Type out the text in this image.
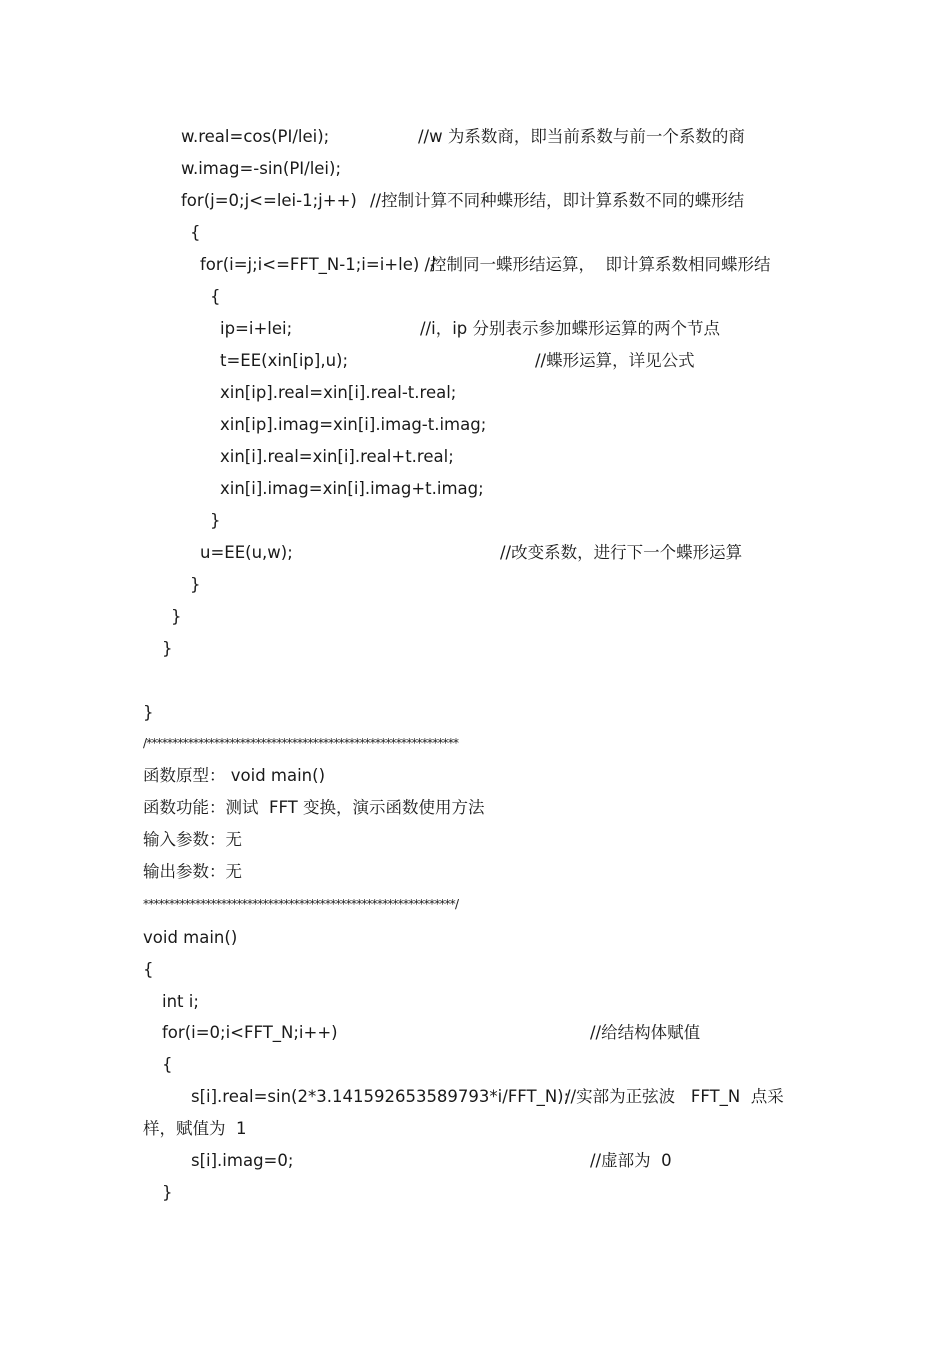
w.real=cos(PI/lei);	//w 为系数商，即当前系数与前一个系数的商
w.imag=-sin(PI/lei);
for(j=0;j<=lei-1;j++) //控制计算不同种蝶形结，即计算系数不同的蝶形结
{
for(i=j;i<=FFT_N-1;i=i+le) //
控制同一蝶形结运算，  即计算系数相同蝶形结
{
ip=i+lei;	//i，ip 分别表示参加蝶形运算的两个节点
t=EE(xin[ip],u);	//蝶形运算，详见公式
xin[ip].real=xin[i].real-t.real;
xin[ip].imag=xin[i].imag-t.imag;
xin[i].real=xin[i].real+t.real;
xin[i].imag=xin[i].imag+t.imag;
}
u=EE(u,w);	//改变系数，进行下一个蝶形运算
}
}
}
}
/************************************************************
函数原型： void main()
函数功能：测试  FFT 变换，演示函数使用方法
输入参数：无
输出参数：无
************************************************************/
void main()
{
int i;
for(i=0;i<FFT_N;i++)	//给结构体赋值
{
s[i].real=sin(2*3.141592653589793*i/FFT_N);
//实部为正弦波   FFT_N  点采
样，赋值为  1
s[i].imag=0;	//虚部为  0
}
